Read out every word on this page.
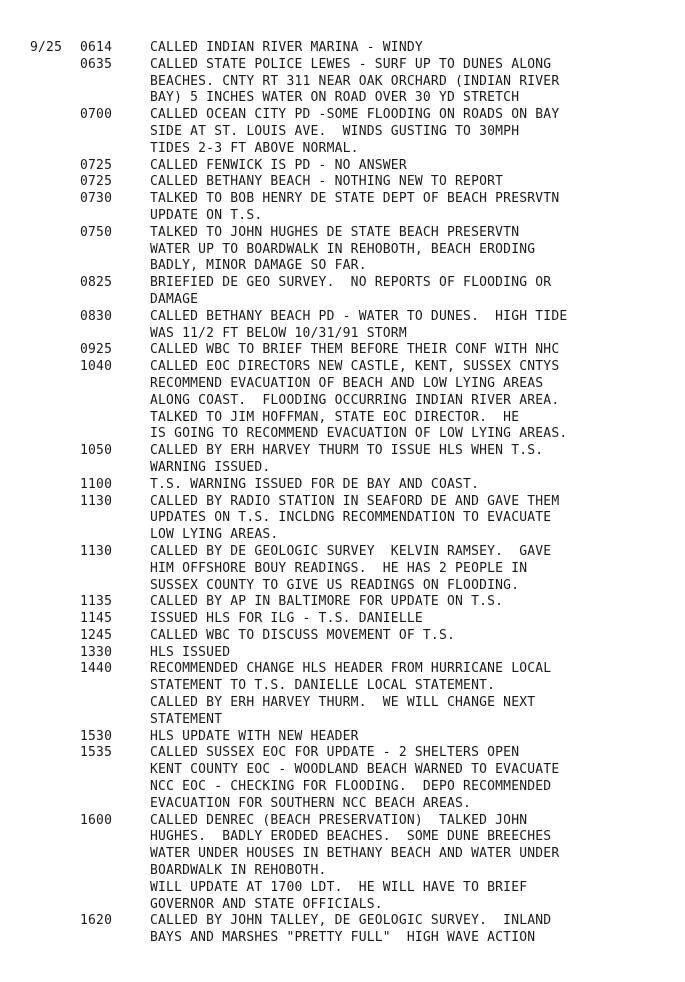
9/25	0614	CALLED INDIAN RIVER MARINA - WINDY
0635	CALLED STATE POLICE LEWES - SURF UP TO DUNES ALONG
BEACHES. CNTY RT 311 NEAR OAK ORCHARD (INDIAN RIVER
BAY) 5 INCHES WATER ON ROAD OVER 30 YD STRETCH
0700	CALLED OCEAN CITY PD -SOME FLOODING ON ROADS ON BAY
SIDE AT ST. LOUIS AVE.  WINDS GUSTING TO 30MPH
TIDES 2-3 FT ABOVE NORMAL.
0725	CALLED FENWICK IS PD - NO ANSWER
0725	CALLED BETHANY BEACH - NOTHING NEW TO REPORT
0730	TALKED TO BOB HENRY DE STATE DEPT OF BEACH PRESRVTN
UPDATE ON T.S.
0750	TALKED TO JOHN HUGHES DE STATE BEACH PRESERVTN
WATER UP TO BOARDWALK IN REHOBOTH, BEACH ERODING
BADLY, MINOR DAMAGE SO FAR.
0825	BRIEFIED DE GEO SURVEY.  NO REPORTS OF FLOODING OR
DAMAGE
0830	CALLED BETHANY BEACH PD - WATER TO DUNES.  HIGH TIDE
WAS 11/2 FT BELOW 10/31/91 STORM
0925	CALLED WBC TO BRIEF THEM BEFORE THEIR CONF WITH NHC
1040	CALLED EOC DIRECTORS NEW CASTLE, KENT, SUSSEX CNTYS
RECOMMEND EVACUATION OF BEACH AND LOW LYING AREAS
ALONG COAST.  FLOODING OCCURRING INDIAN RIVER AREA.
TALKED TO JIM HOFFMAN, STATE EOC DIRECTOR.  HE
IS GOING TO RECOMMEND EVACUATION OF LOW LYING AREAS.
1050	CALLED BY ERH HARVEY THURM TO ISSUE HLS WHEN T.S.
WARNING ISSUED.
1100	T.S. WARNING ISSUED FOR DE BAY AND COAST.
1130	CALLED BY RADIO STATION IN SEAFORD DE AND GAVE THEM
UPDATES ON T.S. INCLDNG RECOMMENDATION TO EVACUATE
LOW LYING AREAS.
1130	CALLED BY DE GEOLOGIC SURVEY  KELVIN RAMSEY.  GAVE
HIM OFFSHORE BOUY READINGS.  HE HAS 2 PEOPLE IN
SUSSEX COUNTY TO GIVE US READINGS ON FLOODING.
1135	CALLED BY AP IN BALTIMORE FOR UPDATE ON T.S.
1145	ISSUED HLS FOR ILG - T.S. DANIELLE
1245	CALLED WBC TO DISCUSS MOVEMENT OF T.S.
1330	HLS ISSUED
1440	RECOMMENDED CHANGE HLS HEADER FROM HURRICANE LOCAL
STATEMENT TO T.S. DANIELLE LOCAL STATEMENT.
CALLED BY ERH HARVEY THURM.  WE WILL CHANGE NEXT
STATEMENT
1530	HLS UPDATE WITH NEW HEADER
1535	CALLED SUSSEX EOC FOR UPDATE - 2 SHELTERS OPEN
KENT COUNTY EOC - WOODLAND BEACH WARNED TO EVACUATE
NCC EOC - CHECKING FOR FLOODING.  DEPO RECOMMENDED
EVACUATION FOR SOUTHERN NCC BEACH AREAS.
1600	CALLED DENREC (BEACH PRESERVATION)  TALKED JOHN
HUGHES.  BADLY ERODED BEACHES.  SOME DUNE BREECHES
WATER UNDER HOUSES IN BETHANY BEACH AND WATER UNDER
BOARDWALK IN REHOBOTH.
WILL UPDATE AT 1700 LDT.  HE WILL HAVE TO BRIEF
GOVERNOR AND STATE OFFICIALS.
1620	CALLED BY JOHN TALLEY, DE GEOLOGIC SURVEY.  INLAND
BAYS AND MARSHES "PRETTY FULL"  HIGH WAVE ACTION
